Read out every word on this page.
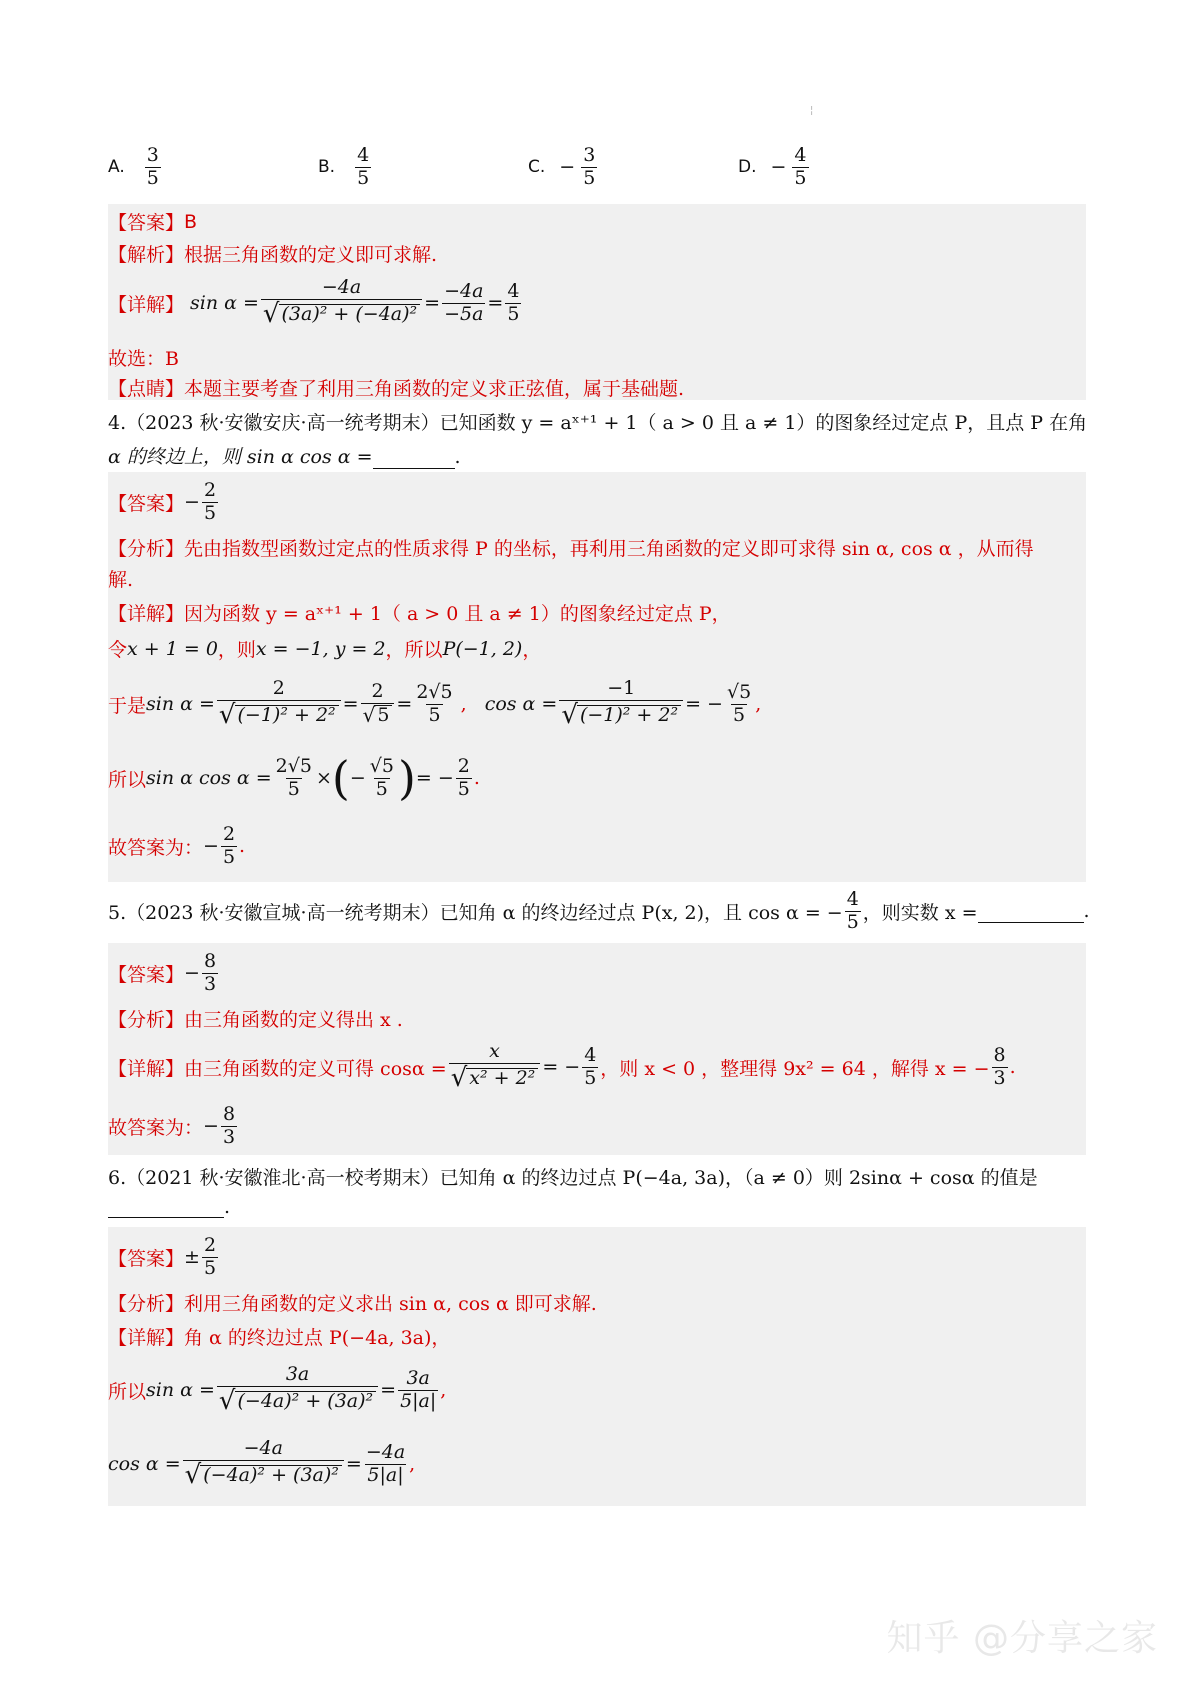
¦
A. $\frac{3}{5}$	B. $\frac{4}{5}$	C. − $\frac{3}{5}$	D. − $\frac{4}{5}$
【答案】 B
【解析】 根据三角函数的定义即可求解.
【详解】 $\sin \alpha = \frac{-4a}{\text{√ (3a)² + (−4a)²}} = \frac{-4a}{-5a} = \frac{4}{5}$
故选：B
【点睛】 本题主要考查了利用三角函数的定义求正弦值，属于基础题.
4.（2023 秋·安徽安庆·高一统考期末）已知函数 y = aˣ⁺¹ + 1（ a > 0 且 a ≠ 1）的图象经过定点 P，且点 P 在角
α 的终边上，则 sin α cos α =	.
【答案】 − $\frac{2}{5}$
【分析】 先由指数型函数过定点的性质求得 P 的坐标，再利用三角函数的定义即可求得 sin α, cos α ，从而得
解.
【详解】 因为函数 y = aˣ⁺¹ + 1（ a > 0 且 a ≠ 1）的图象经过定点 P，
令 x + 1 = 0 ，则 x = −1, y = 2 ，所以 P(−1, 2) ，
于是 $\sin \alpha = \frac{2}{\text{√ (−1)² + 2²}} = \frac{2}{√ 5} = \frac{2√5}{5}$ , $\cos \alpha = \frac{-1}{\text{√ (−1)² + 2²}}$ = − $\frac{√5}{5}$ ,
所以 sin α $\cos \alpha = \frac{2√5}{5}$ × ( − $\frac{√5}{5}$ ) = − $\frac{2}{5}$ .
故答案为： − $\frac{2}{5}$ .
5.（2023 秋·安徽宣城·高一统考期末）已知角 α 的终边经过点 P(x, 2)，且 cos α = − $\frac{4}{5}$ ，则实数 x =	.
【答案】 − $\frac{8}{3}$
【分析】 由三角函数的定义得出 x .
【详解】 由三角函数的定义可得 $\cos\alpha = \frac{x}{\text{√ x² + 2²}}$ = − $\frac{4}{5}$ ，则 x < 0 ，整理得 9x² = 64 ，解得 x = − $\frac{8}{3}$ .
故答案为： − $\frac{8}{3}$
6.（2021 秋·安徽淮北·高一校考期末）已知角 α 的终边过点 P(−4a, 3a)，（a ≠ 0）则 2sinα + cosα 的值是
.
【答案】 ± $\frac{2}{5}$
【分析】 利用三角函数的定义求出 sin α, cos α 即可求解.
【详解】 角 α 的终边过点 P(−4a, 3a)，
所以 $\sin \alpha = \frac{3a}{\text{√ (−4a)² + (3a)²}} = \frac{3a}{5|a|}$ ,
$\cos \alpha = \frac{-4a}{\text{√ (−4a)² + (3a)²}} = \frac{-4a}{5|a|}$ ,
知乎 @分享之家
